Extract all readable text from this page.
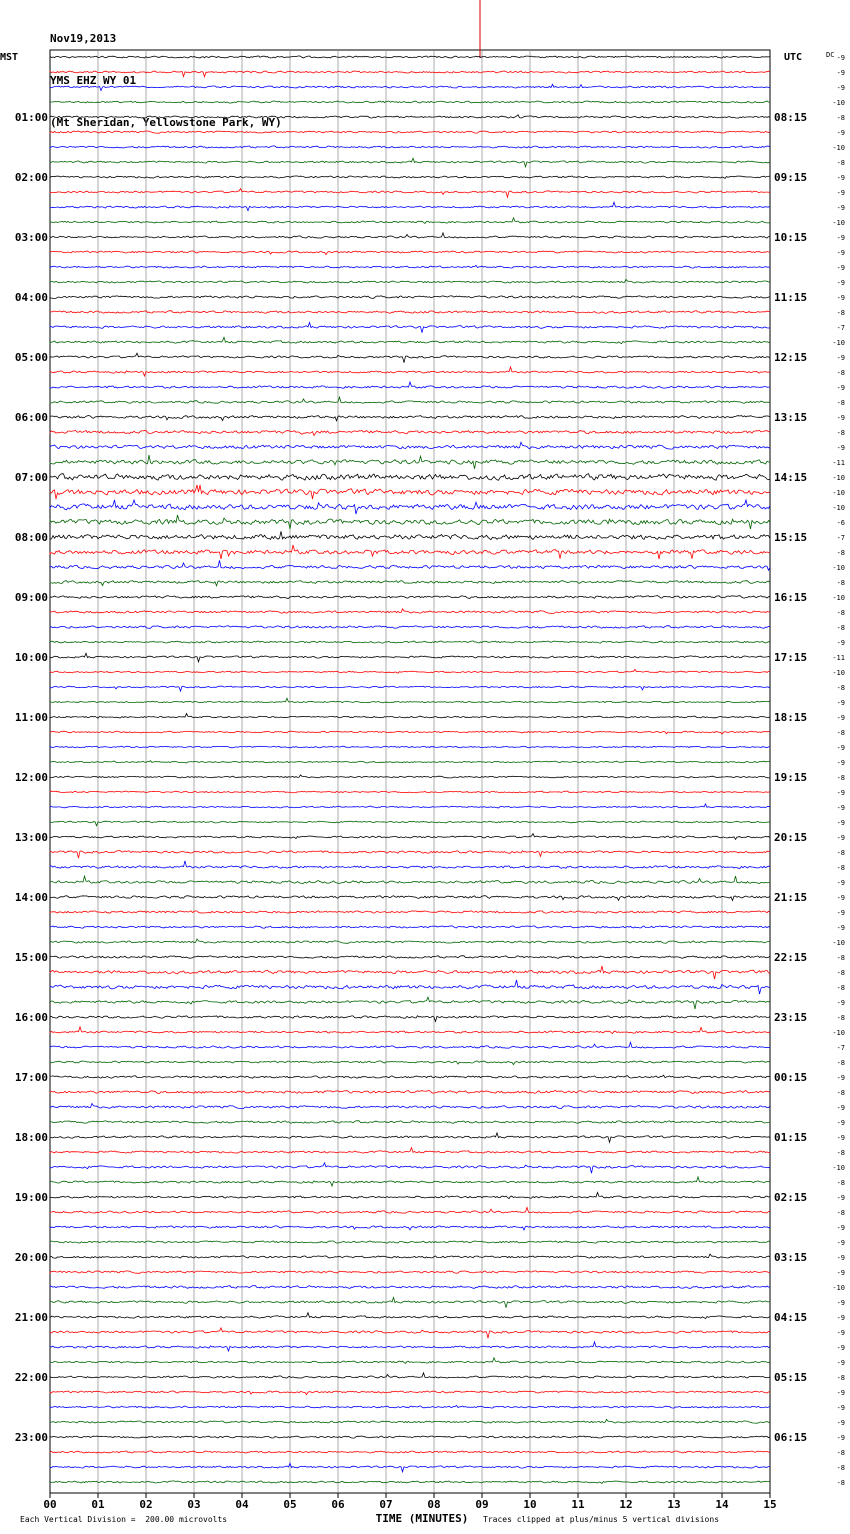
Nov19,2013

YMS EHZ WY 01

(Mt Sheridan, Yellowstone Park, WY)

MST	UTC	DC -9
-9
-9
-10
-8
-9
-10
-8
-9
-9
-9
-10
-9
-9
-9
-9
-9
-8
-7
-10
-9
-8
-9
-8
-9
-8
-9
-11
-10
-10
-10
-6
-7
-8
-10
-8
-10
-8
-8
-9
-11
-10
-8
-9
-9
-8
-9
-9
-8
-9
-9
-9
-9
-8
-8
-9
-9
-9
-9
-10
-8
-8
-8
-9
-8
-10
-7
-8
-9
-8
-9
-9
-9
-8
-10
-8
-9
-8
-9
-9
-9
-9
-10
-9
-9
-9
-9
-9
-8
-9
-9
-9
-9
-8
-8
-8
01:00	08:15
02:00	09:15
03:00	10:15
04:00	11:15
05:00	12:15
06:00	13:15
07:00	14:15
08:00	15:15
09:00	16:15
10:00	17:15
11:00	18:15
12:00	19:15
13:00	20:15
14:00	21:15
15:00	22:15
16:00	23:15
17:00	00:15
18:00	01:15
19:00	02:15
20:00	03:15
21:00	04:15
22:00	05:15
23:00	06:15
00	01	02	03	04	05	06	07	08	09	10	11	12	13	14	15
TIME (MINUTES)
Each Vertical Division =  200.00 microvolts	Traces clipped at plus/minus 5 vertical divisions
